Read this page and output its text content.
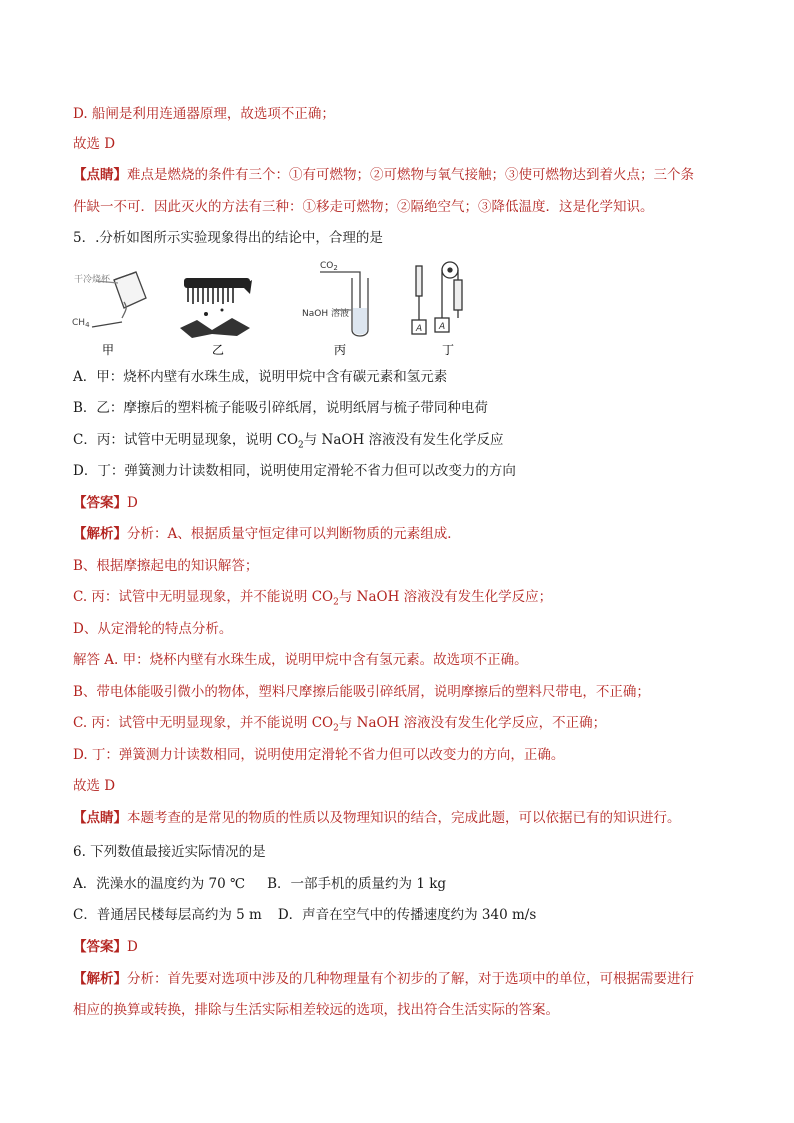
D. 船闸是利用连通器原理，故选项不正确；
故选 D
【点睛】难点是燃烧的条件有三个：①有可燃物；②可燃物与氧气接触；③使可燃物达到着火点；三个条
件缺一不可．因此灭火的方法有三种：①移走可燃物；②隔绝空气；③降低温度．这是化学知识。
5．.分析如图所示实验现象得出的结论中，合理的是
干冷烧杯
$CH_4$
$CO_2$
NaOH 溶液
A A
甲	乙	丙	丁
A．甲：烧杯内壁有水珠生成，说明甲烷中含有碳元素和氢元素
B．乙：摩擦后的塑料梳子能吸引碎纸屑，说明纸屑与梳子带同种电荷
C．丙：试管中无明显现象，说明 $CO_2$与 NaOH 溶液没有发生化学反应
D．丁：弹簧测力计读数相同，说明使用定滑轮不省力但可以改变力的方向
【答案】D
【解析】分析：A、根据质量守恒定律可以判断物质的元素组成．
B、根据摩擦起电的知识解答；
C. 丙：试管中无明显现象，并不能说明 $CO_2$与 NaOH 溶液没有发生化学反应；
D、从定滑轮的特点分析。
解答 A. 甲：烧杯内壁有水珠生成，说明甲烷中含有氢元素。故选项不正确。
B、带电体能吸引微小的物体，塑料尺摩擦后能吸引碎纸屑，说明摩擦后的塑料尺带电，不正确；
C. 丙：试管中无明显现象，并不能说明 $CO_2$与 NaOH 溶液没有发生化学反应，不正确；
D. 丁：弹簧测力计读数相同，说明使用定滑轮不省力但可以改变力的方向，正确。
故选 D
【点睛】本题考查的是常见的物质的性质以及物理知识的结合，完成此题，可以依据已有的知识进行。
6. 下列数值最接近实际情况的是
A．洗澡水的温度约为 70 ℃ B．一部手机的质量约为 1 kg
C．普通居民楼每层高约为 5 m D．声音在空气中的传播速度约为 340 m/s
【答案】D
【解析】分析：首先要对选项中涉及的几种物理量有个初步的了解，对于选项中的单位，可根据需要进行
相应的换算或转换，排除与生活实际相差较远的选项，找出符合生活实际的答案。
